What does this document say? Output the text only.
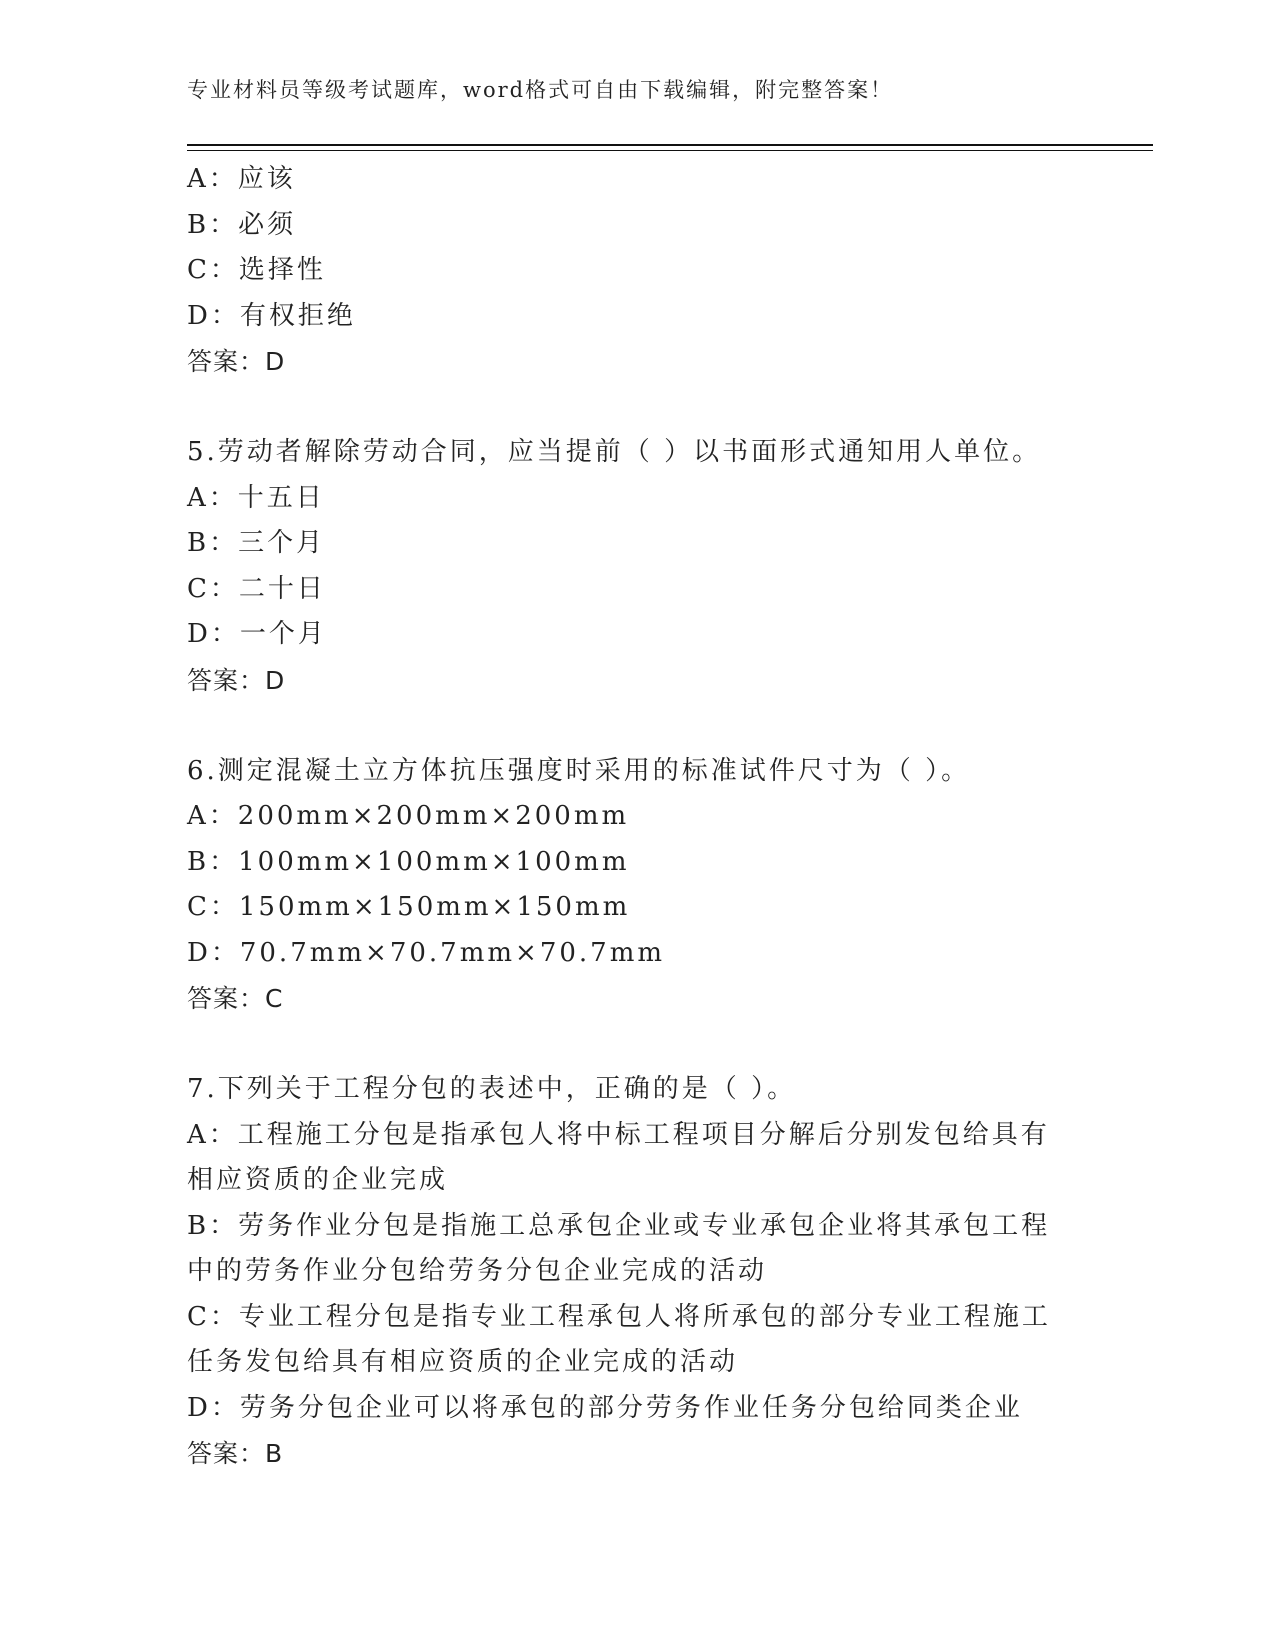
专业材料员等级考试题库，word格式可自由下载编辑，附完整答案！
A：应该
B：必须
C：选择性
D：有权拒绝
答案：D
5.劳动者解除劳动合同，应当提前（ ）以书面形式通知用人单位。
A：十五日
B：三个月
C：二十日
D：一个月
答案：D
6.测定混凝土立方体抗压强度时采用的标准试件尺寸为（ ）。
A：200mm×200mm×200mm
B：100mm×100mm×100mm
C：150mm×150mm×150mm
D：70.7mm×70.7mm×70.7mm
答案：C
7.下列关于工程分包的表述中，正确的是（ ）。
A：工程施工分包是指承包人将中标工程项目分解后分别发包给具有相应资质的企业完成
B：劳务作业分包是指施工总承包企业或专业承包企业将其承包工程中的劳务作业分包给劳务分包企业完成的活动
C：专业工程分包是指专业工程承包人将所承包的部分专业工程施工任务发包给具有相应资质的企业完成的活动
D：劳务分包企业可以将承包的部分劳务作业任务分包给同类企业
答案：B
